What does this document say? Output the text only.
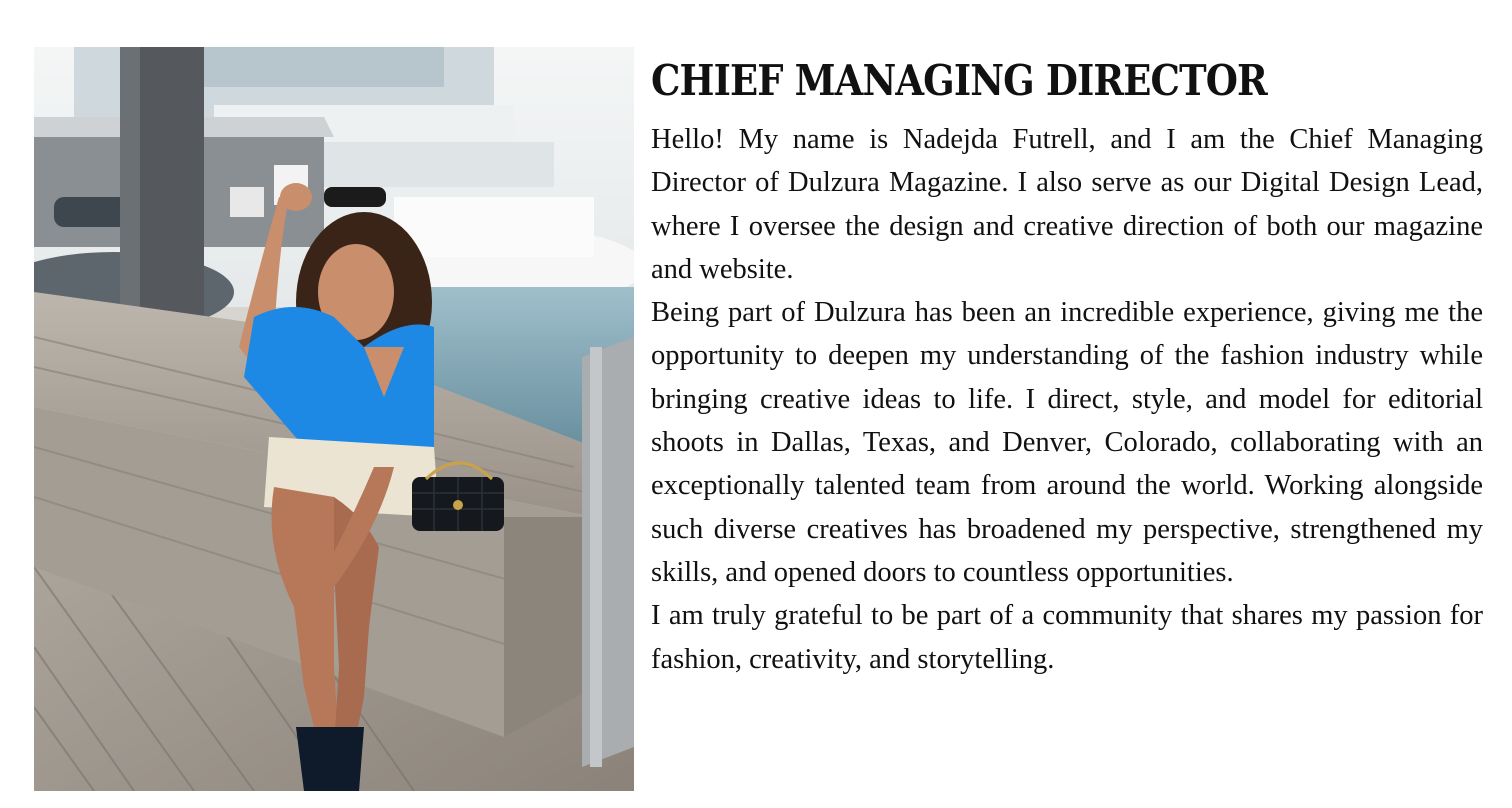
CHIEF MANAGING DIRECTOR

Hello! My name is Nadejda Futrell, and I am the Chief Managing Director of Dulzura Magazine. I also serve as our Digital Design Lead, where I oversee the design and creative direction of both our magazine and website.

Being part of Dulzura has been an incredible experience, giving me the opportunity to deepen my understanding of the fashion industry while bringing creative ideas to life. I direct, style, and model for editorial shoots in Dallas, Texas, and Denver, Colorado, collaborating with an exceptionally talented team from around the world. Working alongside such diverse creatives has broadened my perspective, strengthened my skills, and opened doors to countless opportunities.

I am truly grateful to be part of a community that shares my passion for fashion, creativity, and storytelling.
